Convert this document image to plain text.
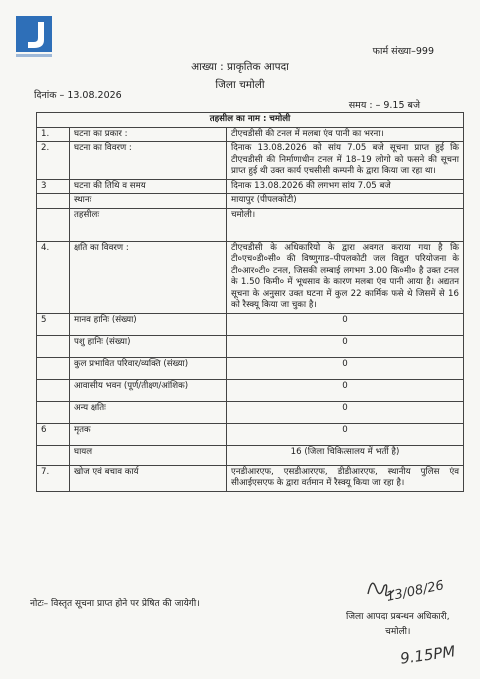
फार्म संख्या–999
आख्या : प्राकृतिक आपदा
जिला चमोली
दिनांक – 13.08.2026
समय : – 9.15 बजे
तहसील का नाम : चमोली		
1.	घटना का प्रकार :	टीएचडीसी की टनल में मलबा एंव पानी का भरना।
2.	घटना का विवरण :	दिनाक 13.08.2026 को सांय 7.05 बजे सूचना प्राप्त हुई कि टीएचडीसी की निर्माणाधीन टनल में 18–19 लोगो को फसने की सूचना प्राप्त हुई थी उक्त कार्य एचसीसी कम्पनी के द्वारा किया जा रहा था।
3	घटना की तिथि व समय	दिनाक 13.08.2026 की लगभग सांय 7.05 बजे
	स्थानः	मायापुर (पीपलकोटी)
	तहसीलः	चमोली।
4.	क्षति का विवरण :	टीएचडीसी के अधिकारियो के द्वारा अवगत कराया गया है कि टी०एच०डी०सी० की विष्णुगाड–पीपलकोटी जल विद्युत परियोजना के टी०आर०टी० टनल, जिसकी लम्बाई लगभग 3.00 कि०मी० है उक्त टनल के 1.50 किमी० में भूधसाव के कारण मलबा एंव पानी आया है। अद्यतन सूचना के अनुसार उक्त घटना में कुल 22 कार्मिक फसे थे जिसमें से 16 को रैस्क्यू किया जा चुका है।
5	मानव हानिः (संख्या)	0
	पशु हानिः (संख्या)	0
	कुल प्रभावित परिवार/व्यक्ति (संख्या)	0
	आवासीय भवन (पूर्ण/तीक्ष्ण/आंशिक)	0
	अन्य क्षतिः	0
6	मृतक	0
	घायल	16 (जिला चिकित्सालय में भर्ती है)
7.	खोज एवं बचाव कार्य	एनडीआरएफ, एसडीआरएफ, डीडीआरएफ, स्थानीय पुलिस एंव सीआईएसएफ के द्वारा वर्तमान में रैस्क्यू किया जा रहा है।
नोटः– विस्तृत सूचना प्राप्त होने पर प्रेषित की जायेगी।	13/08/26
जिला आपदा प्रबन्धन अधिकारी,
चमोली।
9.15PM
